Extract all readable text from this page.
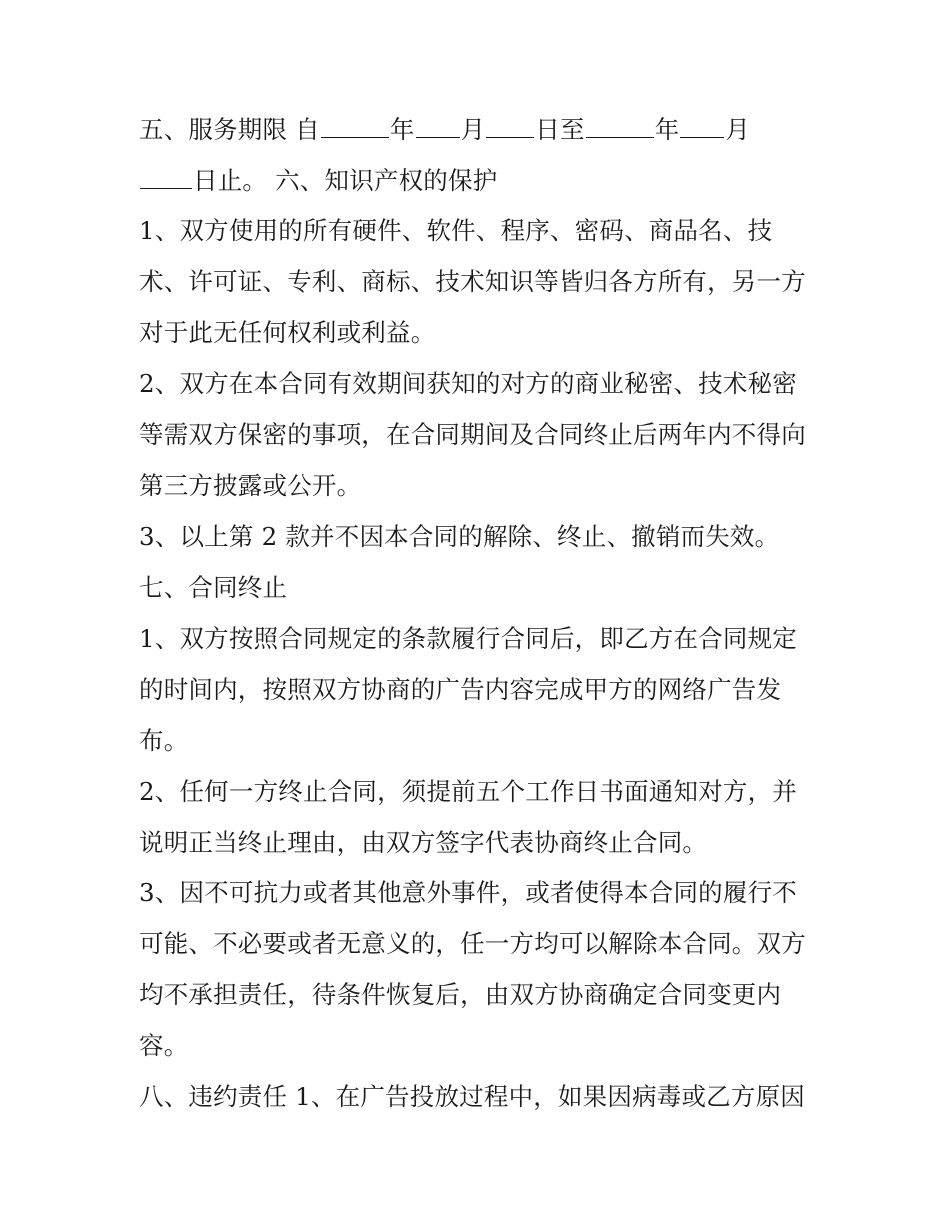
五、服务期限 自	年 月 日至	年 月
日止。 六、知识产权的保护
1、双方使用的所有硬件、软件、程序、密码、商品名、技
术、许可证、专利、商标、技术知识等皆归各方所有，另一方
对于此无任何权利或利益。
2、双方在本合同有效期间获知的对方的商业秘密、技术秘密
等需双方保密的事项，在合同期间及合同终止后两年内不得向
第三方披露或公开。
3、以上第 2 款并不因本合同的解除、终止、撤销而失效。
七、合同终止
1、双方按照合同规定的条款履行合同后，即乙方在合同规定
的时间内，按照双方协商的广告内容完成甲方的网络广告发
布。
2、任何一方终止合同，须提前五个工作日书面通知对方，并
说明正当终止理由，由双方签字代表协商终止合同。
3、因不可抗力或者其他意外事件，或者使得本合同的履行不
可能、不必要或者无意义的，任一方均可以解除本合同。双方
均不承担责任，待条件恢复后，由双方协商确定合同变更内
容。
八、违约责任 1、在广告投放过程中，如果因病毒或乙方原因
